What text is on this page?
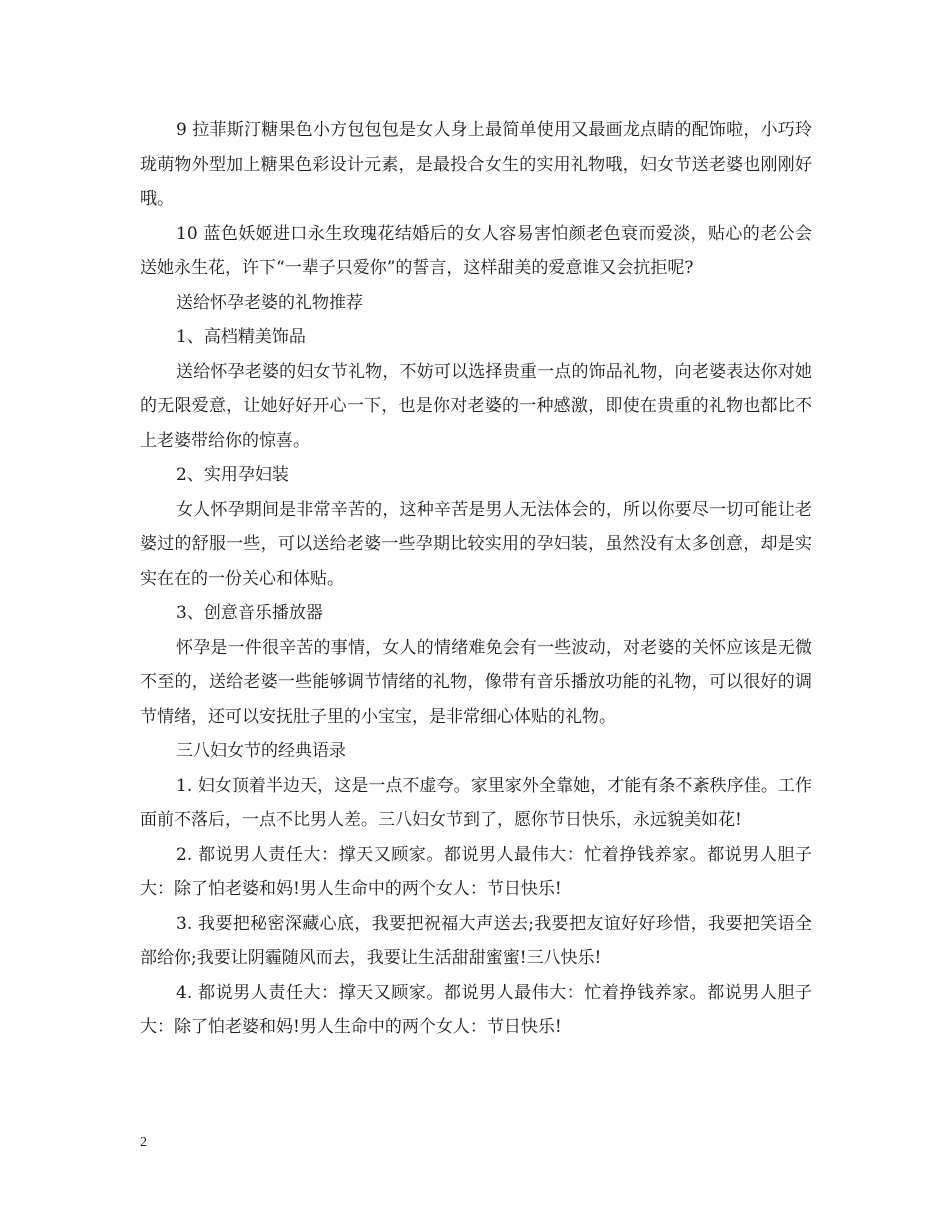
9 拉菲斯汀糖果色小方包包包是女人身上最简单使用又最画龙点睛的配饰啦，小巧玲珑萌物外型加上糖果色彩设计元素，是最投合女生的实用礼物哦，妇女节送老婆也刚刚好哦。

10 蓝色妖姬进口永生玫瑰花结婚后的女人容易害怕颜老色衰而爱淡，贴心的老公会送她永生花，许下“一辈子只爱你”的誓言，这样甜美的爱意谁又会抗拒呢?

送给怀孕老婆的礼物推荐

1、高档精美饰品

送给怀孕老婆的妇女节礼物，不妨可以选择贵重一点的饰品礼物，向老婆表达你对她的无限爱意，让她好好开心一下，也是你对老婆的一种感激，即使在贵重的礼物也都比不上老婆带给你的惊喜。

2、实用孕妇装

女人怀孕期间是非常辛苦的，这种辛苦是男人无法体会的，所以你要尽一切可能让老婆过的舒服一些，可以送给老婆一些孕期比较实用的孕妇装，虽然没有太多创意，却是实实在在的一份关心和体贴。

3、创意音乐播放器

怀孕是一件很辛苦的事情，女人的情绪难免会有一些波动，对老婆的关怀应该是无微不至的，送给老婆一些能够调节情绪的礼物，像带有音乐播放功能的礼物，可以很好的调节情绪，还可以安抚肚子里的小宝宝，是非常细心体贴的礼物。

三八妇女节的经典语录

1. 妇女顶着半边天，这是一点不虚夸。家里家外全靠她，才能有条不紊秩序佳。工作面前不落后，一点不比男人差。三八妇女节到了，愿你节日快乐，永远貌美如花!

2. 都说男人责任大：撑天又顾家。都说男人最伟大：忙着挣钱养家。都说男人胆子大：除了怕老婆和妈!男人生命中的两个女人：节日快乐!

3. 我要把秘密深藏心底，我要把祝福大声送去;我要把友谊好好珍惜，我要把笑语全部给你;我要让阴霾随风而去，我要让生活甜甜蜜蜜!三八快乐!

4. 都说男人责任大：撑天又顾家。都说男人最伟大：忙着挣钱养家。都说男人胆子大：除了怕老婆和妈!男人生命中的两个女人：节日快乐!

2
